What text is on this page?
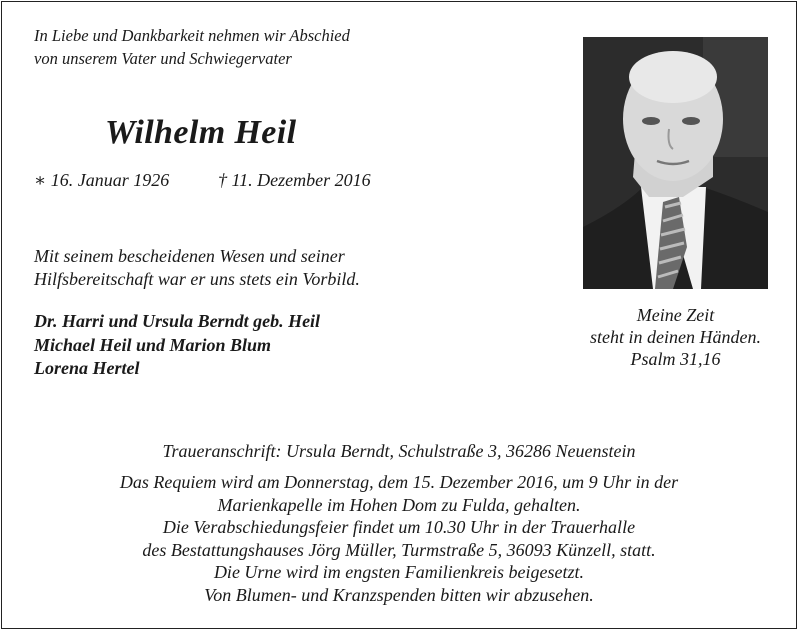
In Liebe und Dankbarkeit nehmen wir Abschied
von unserem Vater und Schwiegervater
Wilhelm Heil
∗ 16. Januar 1926	† 11. Dezember 2016
Mit seinem bescheidenen Wesen und seiner
Hilfsbereitschaft war er uns stets ein Vorbild.
Dr. Harri und Ursula Berndt geb. Heil
Michael Heil und Marion Blum
Lorena Hertel
Meine Zeit
steht in deinen Händen.
Psalm 31,16
Traueranschrift: Ursula Berndt, Schulstraße 3, 36286 Neuenstein
Das Requiem wird am Donnerstag, dem 15. Dezember 2016, um 9 Uhr in der
Marienkapelle im Hohen Dom zu Fulda, gehalten.
Die Verabschiedungsfeier findet um 10.30 Uhr in der Trauerhalle
des Bestattungshauses Jörg Müller, Turmstraße 5, 36093 Künzell, statt.
Die Urne wird im engsten Familienkreis beigesetzt.
Von Blumen- und Kranzspenden bitten wir abzusehen.
